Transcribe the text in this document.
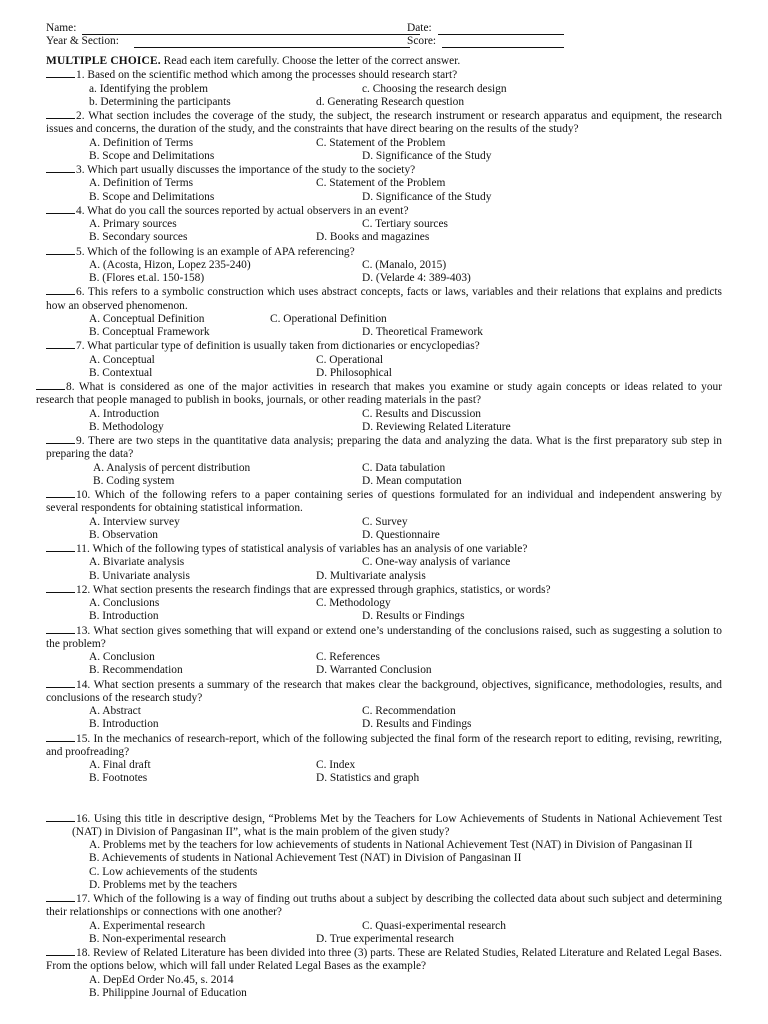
Name:	Date:
Year & Section:	Score:
MULTIPLE CHOICE. Read each item carefully. Choose the letter of the correct answer.
1. Based on the scientific method which among the processes should research start?
a. Identifying the problem	c. Choosing the research design
b. Determining the participants	d. Generating Research question
2. What section includes the coverage of the study, the subject, the research instrument or research apparatus and equipment, the research issues and concerns, the duration of the study, and the constraints that have direct bearing on the results of the study?
A. Definition of Terms	C. Statement of the Problem
B. Scope and Delimitations	D. Significance of the Study
3. Which part usually discusses the importance of the study to the society?
A. Definition of Terms	C. Statement of the Problem
B. Scope and Delimitations	D. Significance of the Study
4. What do you call the sources reported by actual observers in an event?
A. Primary sources	C. Tertiary sources
B. Secondary sources	D. Books and magazines
5. Which of the following is an example of APA referencing?
A. (Acosta, Hizon, Lopez 235-240)	C. (Manalo, 2015)
B. (Flores et.al. 150-158)	D. (Velarde 4: 389-403)
6. This refers to a symbolic construction which uses abstract concepts, facts or laws, variables and their relations that explains and predicts how an observed phenomenon.
A. Conceptual Definition	C. Operational Definition
B. Conceptual Framework	D. Theoretical Framework
7. What particular type of definition is usually taken from dictionaries or encyclopedias?
A. Conceptual	C. Operational
B. Contextual	D. Philosophical
8. What is considered as one of the major activities in research that makes you examine or study again concepts or ideas related to your research that people managed to publish in books, journals, or other reading materials in the past?
A. Introduction	C. Results and Discussion
B. Methodology	D. Reviewing Related Literature
9. There are two steps in the quantitative data analysis; preparing the data and analyzing the data. What is the first preparatory sub step in preparing the data?
A. Analysis of percent distribution	C. Data tabulation
B. Coding system	D. Mean computation
10. Which of the following refers to a paper containing series of questions formulated for an individual and independent answering by several respondents for obtaining statistical information.
A. Interview survey	C. Survey
B. Observation	D. Questionnaire
11. Which of the following types of statistical analysis of variables has an analysis of one variable?
A. Bivariate analysis	C. One-way analysis of variance
B. Univariate analysis	D. Multivariate analysis
12. What section presents the research findings that are expressed through graphics, statistics, or words?
A. Conclusions	C. Methodology
B. Introduction	D. Results or Findings
13. What section gives something that will expand or extend one’s understanding of the conclusions raised, such as suggesting a solution to the problem?
A. Conclusion	C. References
B. Recommendation	D. Warranted Conclusion
14. What section presents a summary of the research that makes clear the background, objectives, significance, methodologies, results, and conclusions of the research study?
A. Abstract	C. Recommendation
B. Introduction	D. Results and Findings
15. In the mechanics of research-report, which of the following subjected the final form of the research report to editing, revising, rewriting, and proofreading?
A. Final draft	C. Index
B. Footnotes	D. Statistics and graph
16. Using this title in descriptive design, “Problems Met by the Teachers for Low Achievements of Students in National Achievement Test (NAT) in Division of Pangasinan II”, what is the main problem of the given study?
A. Problems met by the teachers for low achievements of students in National Achievement Test (NAT) in Division of Pangasinan II
B. Achievements of students in National Achievement Test (NAT) in Division of Pangasinan II
C. Low achievements of the students
D. Problems met by the teachers
17. Which of the following is a way of finding out truths about a subject by describing the collected data about such subject and determining their relationships or connections with one another?
A. Experimental research	C. Quasi-experimental research
B. Non-experimental research	D. True experimental research
18. Review of Related Literature has been divided into three (3) parts. These are Related Studies, Related Literature and Related Legal Bases. From the options below, which will fall under Related Legal Bases as the example?
A. DepEd Order No.45, s. 2014
B. Philippine Journal of Education
